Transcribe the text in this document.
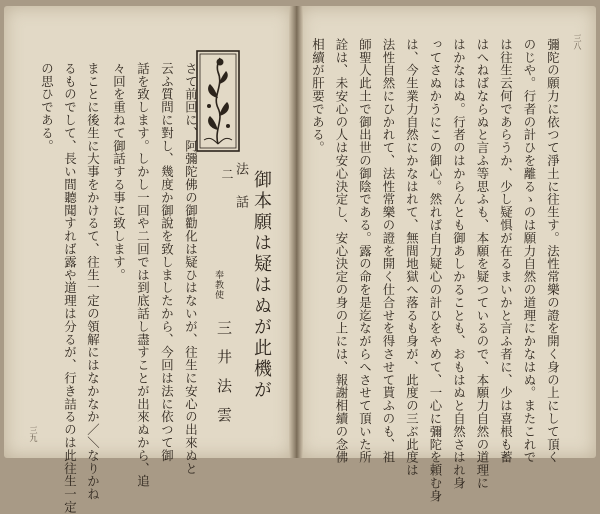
三八
彌陀の願力に依つて淨土に往生す。法性常樂の證を開く身の上にして頂く
のじや。行者の計ひを離るゝのは願力自然の道理にかなはぬ。またこれで
は往生云何であらうか、少し疑惧が在るまいかと言ふ者に、少は喜根も蓄
はへねばならぬと言ふ等思ふも、本願を疑つているので、本願力自然の道理に
はかなはぬ。行者のはからんとも御あしかることも、おもはぬと自然さはれ身
ってさぬかうにこの御心。然れば自力疑心の計ひをやめて、一心に彌陀を頼む身
は、今生業力自然にかなはれて、無間地獄へ落るも身が、此度の三ぶ此度は
法性自然にひかれて、法性常樂の證を開く仕合せを得させて貰ふのも、祖
師聖人此土で御出世の御陰である。露の命を是迄ながらへさせて頂いた所
詮は、未安心の人は安心決定し、安心決定の身の上には、報謝相續の念佛
相續が肝要である。
三九
御本願は疑はぬが此機が
法話
二
奉教使
三井法雲
さて前回に、阿彌陀佛の御勸化は疑ひはないが、往生に安心の出來ぬと
云ふ質問に對し、幾度か御說を致しましたから、今回は法に依つて御
話を致します。しかし一回や二回では到底話し盡すことが出來ぬから、追
々回を重ねて御話する事に致します。
まことに後生に大事をかけるて、往生一定の領解にはなかなか／＼なりかね
るものでして、長い間聽聞すれば露や道理は分るが、行き詰るのは此往生一定
の思ひである。
